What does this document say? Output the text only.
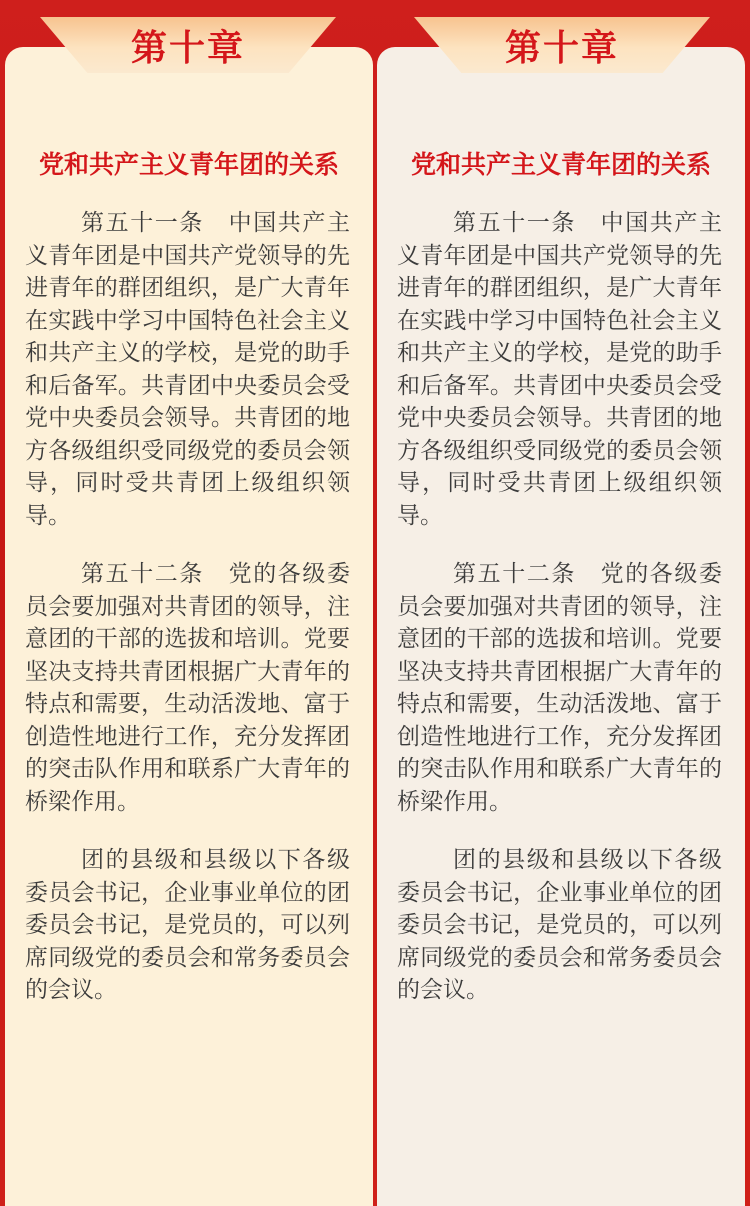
党和共产主义青年团的关系

第五十一条　中国共产主义青年团是中国共产党领导的先进青年的群团组织，是广大青年在实践中学习中国特色社会主义和共产主义的学校，是党的助手和后备军。共青团中央委员会受党中央委员会领导。共青团的地方各级组织受同级党的委员会领导，同时受共青团上级组织领导。

第五十二条　党的各级委员会要加强对共青团的领导，注意团的干部的选拔和培训。党要坚决支持共青团根据广大青年的特点和需要，生动活泼地、富于创造性地进行工作，充分发挥团的突击队作用和联系广大青年的桥梁作用。

团的县级和县级以下各级委员会书记，企业事业单位的团委员会书记，是党员的，可以列席同级党的委员会和常务委员会的会议。

第十章
党和共产主义青年团的关系

第五十一条　中国共产主义青年团是中国共产党领导的先进青年的群团组织，是广大青年在实践中学习中国特色社会主义和共产主义的学校，是党的助手和后备军。共青团中央委员会受党中央委员会领导。共青团的地方各级组织受同级党的委员会领导，同时受共青团上级组织领导。

第五十二条　党的各级委员会要加强对共青团的领导，注意团的干部的选拔和培训。党要坚决支持共青团根据广大青年的特点和需要，生动活泼地、富于创造性地进行工作，充分发挥团的突击队作用和联系广大青年的桥梁作用。

团的县级和县级以下各级委员会书记，企业事业单位的团委员会书记，是党员的，可以列席同级党的委员会和常务委员会的会议。

第十章
